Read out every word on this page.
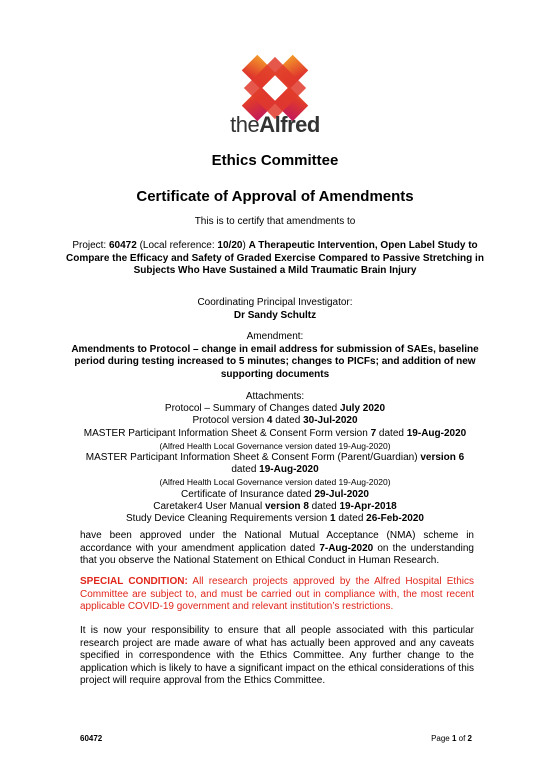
theAlfred
Ethics Committee
Certificate of Approval of Amendments
This is to certify that amendments to
Project: 60472 (Local reference: 10/20) A Therapeutic Intervention, Open Label Study to Compare the Efficacy and Safety of Graded Exercise Compared to Passive Stretching in Subjects Who Have Sustained a Mild Traumatic Brain Injury
Coordinating Principal Investigator:
Dr Sandy Schultz
Amendment:
Amendments to Protocol – change in email address for submission of SAEs, baseline period during testing increased to 5 minutes; changes to PICFs; and addition of new supporting documents
Attachments:
Protocol – Summary of Changes dated July 2020
Protocol version 4 dated 30-Jul-2020
MASTER Participant Information Sheet & Consent Form version 7 dated 19-Aug-2020
(Alfred Health Local Governance version dated 19-Aug-2020)
MASTER Participant Information Sheet & Consent Form (Parent/Guardian) version 6
dated 19-Aug-2020
(Alfred Health Local Governance version dated 19-Aug-2020)
Certificate of Insurance dated 29-Jul-2020
Caretaker4 User Manual version 8 dated 19-Apr-2018
Study Device Cleaning Requirements version 1 dated 26-Feb-2020
have been approved under the National Mutual Acceptance (NMA) scheme in accordance with your amendment application dated 7-Aug-2020 on the understanding that you observe the National Statement on Ethical Conduct in Human Research.
SPECIAL CONDITION: All research projects approved by the Alfred Hospital Ethics Committee are subject to, and must be carried out in compliance with, the most recent applicable COVID-19 government and relevant institution’s restrictions.
It is now your responsibility to ensure that all people associated with this particular research project are made aware of what has actually been approved and any caveats specified in correspondence with the Ethics Committee. Any further change to the application which is likely to have a significant impact on the ethical considerations of this project will require approval from the Ethics Committee.
60472	Page 1 of 2
